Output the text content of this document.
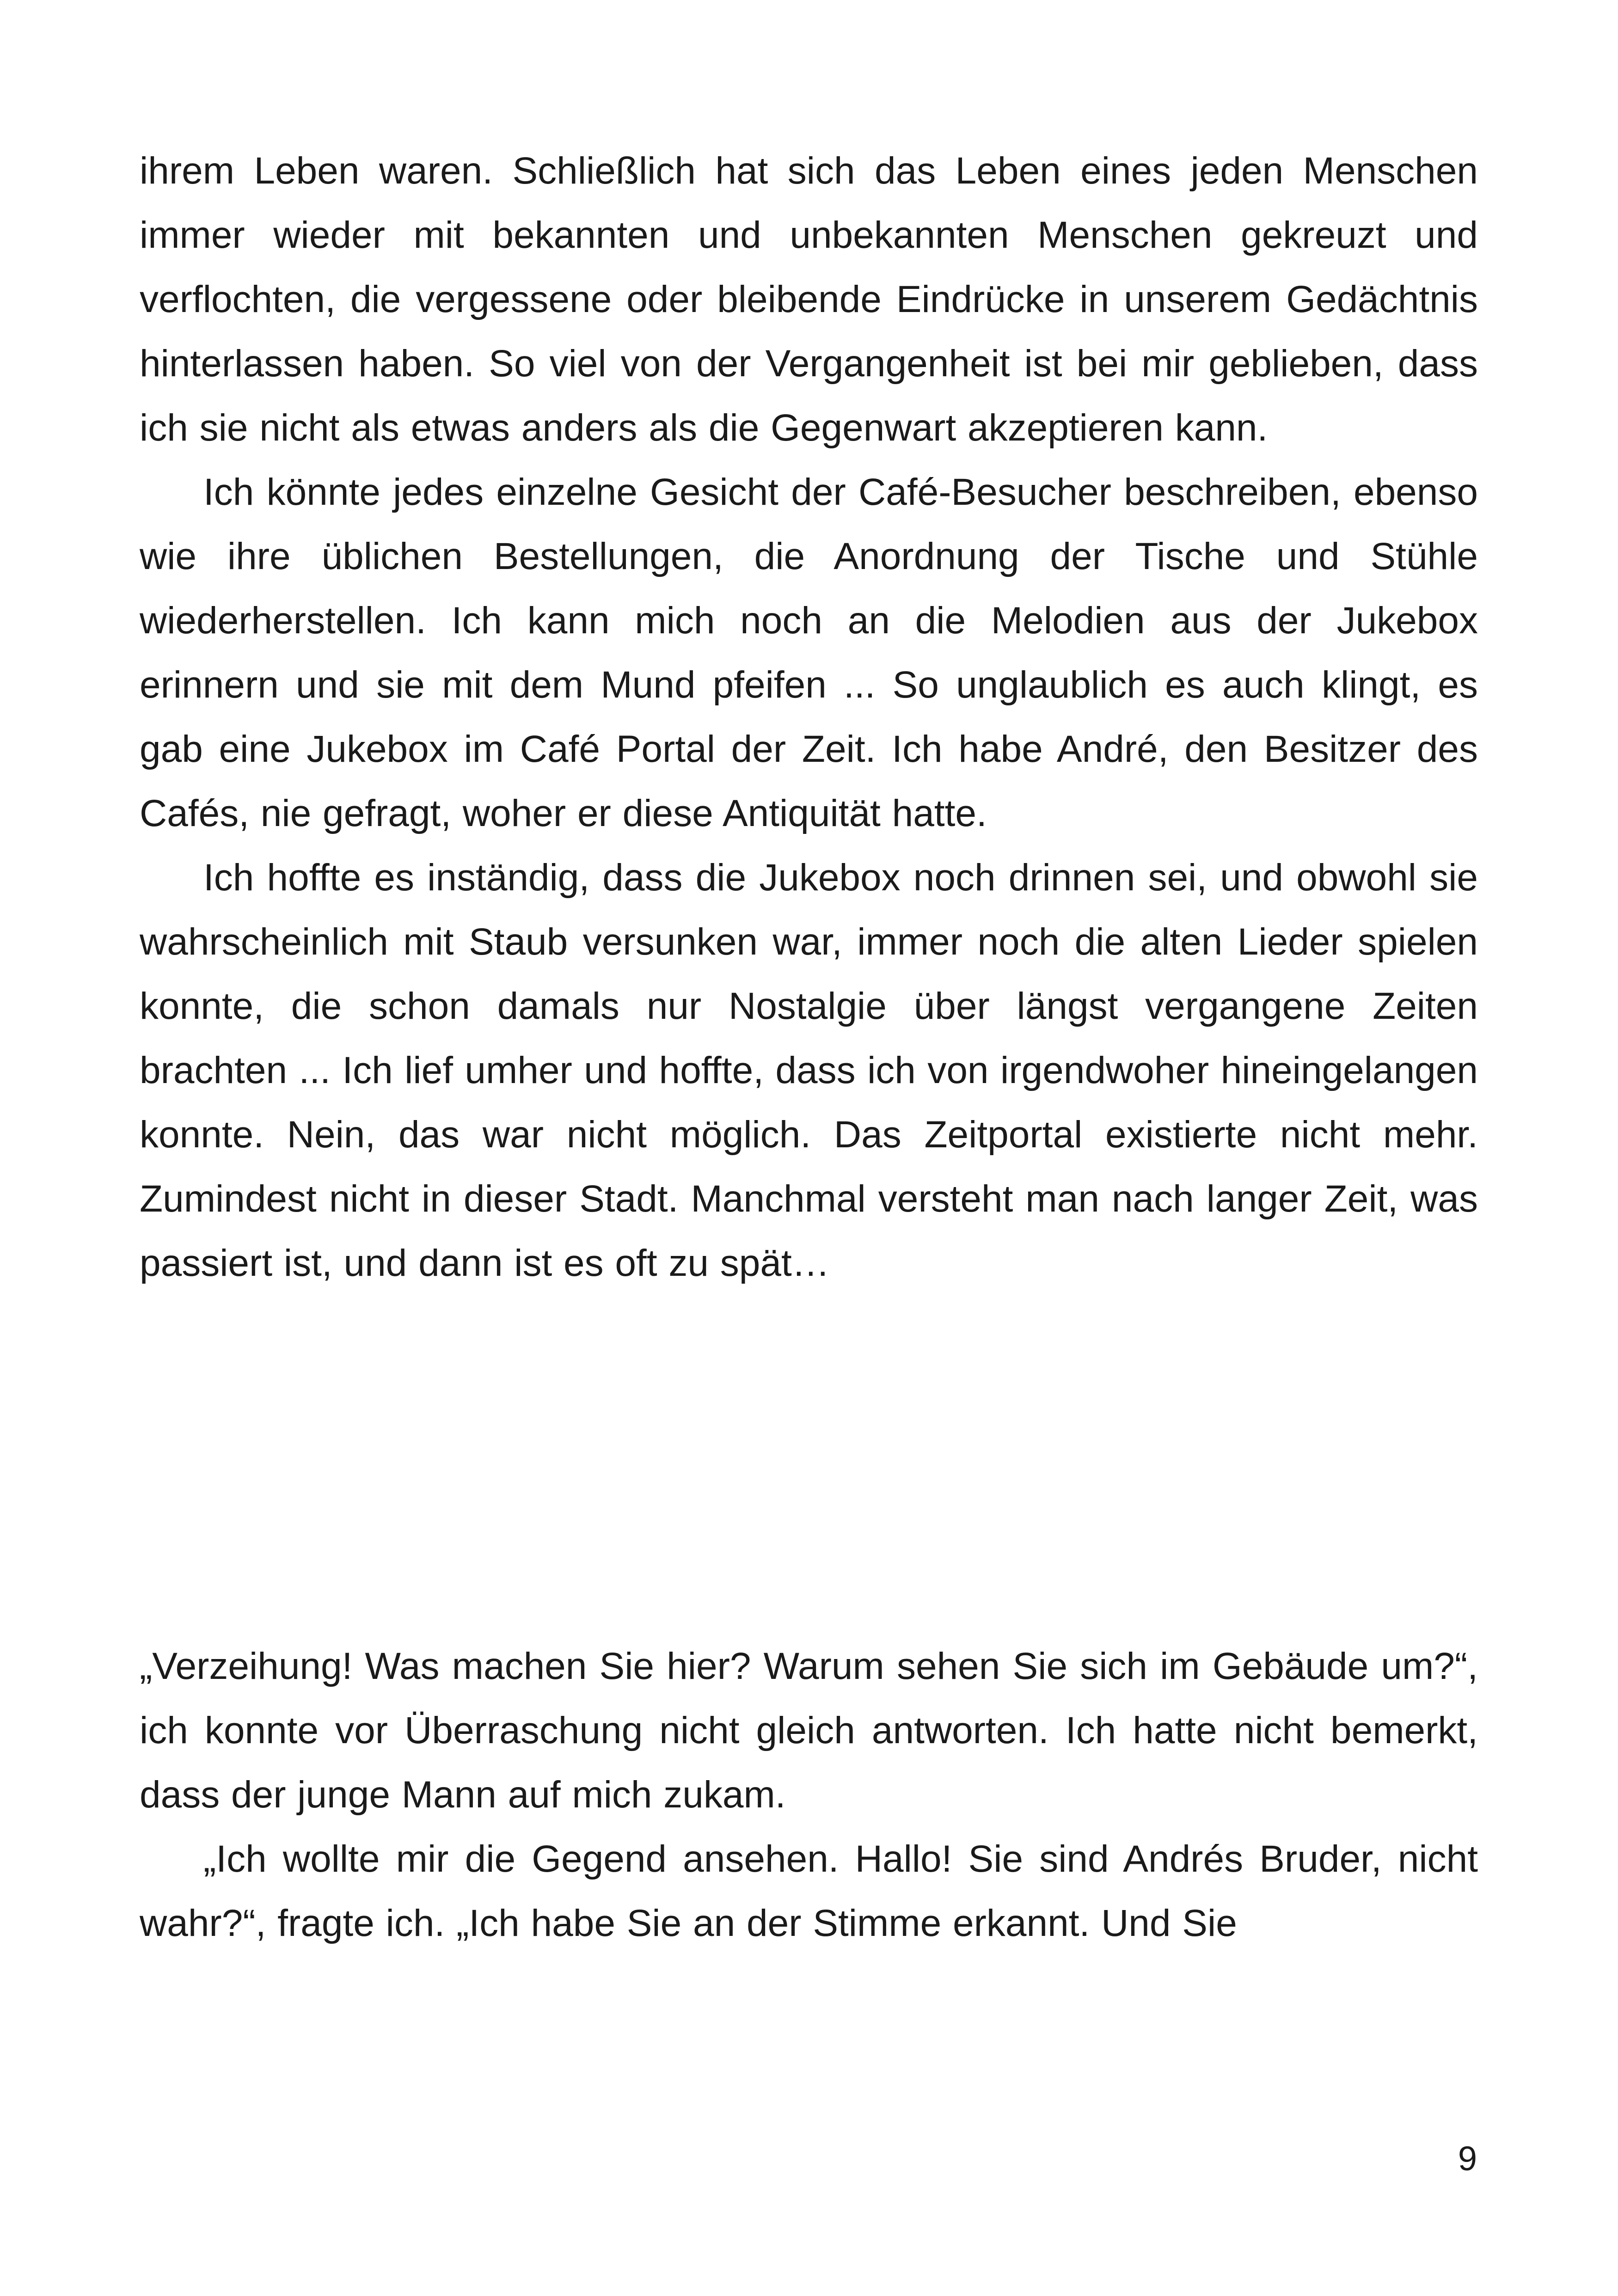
ihrem Leben waren. Schließlich hat sich das Leben eines jeden Menschen immer wieder mit bekannten und unbekannten Menschen gekreuzt und verflochten, die vergessene oder bleibende Eindrücke in unserem Gedächtnis hinterlassen haben. So viel von der Vergangenheit ist bei mir geblieben, dass ich sie nicht als etwas anders als die Gegenwart akzeptieren kann.

Ich könnte jedes einzelne Gesicht der Café-Besucher beschreiben, ebenso wie ihre üblichen Bestellungen, die Anordnung der Tische und Stühle wiederherstellen. Ich kann mich noch an die Melodien aus der Jukebox erinnern und sie mit dem Mund pfeifen ... So unglaublich es auch klingt, es gab eine Jukebox im Café Portal der Zeit. Ich habe André, den Besitzer des Cafés, nie gefragt, woher er diese Antiquität hatte.

Ich hoffte es inständig, dass die Jukebox noch drinnen sei, und obwohl sie wahrscheinlich mit Staub versunken war, immer noch die alten Lieder spielen konnte, die schon damals nur Nostalgie über längst vergangene Zeiten brachten ... Ich lief umher und hoffte, dass ich von irgendwoher hineingelangen konnte. Nein, das war nicht möglich. Das Zeitportal existierte nicht mehr. Zumindest nicht in dieser Stadt. Manchmal versteht man nach langer Zeit, was passiert ist, und dann ist es oft zu spät…

„Verzeihung! Was machen Sie hier? Warum sehen Sie sich im Gebäude um?“, ich konnte vor Überraschung nicht gleich antworten. Ich hatte nicht bemerkt, dass der junge Mann auf mich zukam.

„Ich wollte mir die Gegend ansehen. Hallo! Sie sind Andrés Bruder, nicht wahr?“, fragte ich. „Ich habe Sie an der Stimme erkannt. Und Sie

9
